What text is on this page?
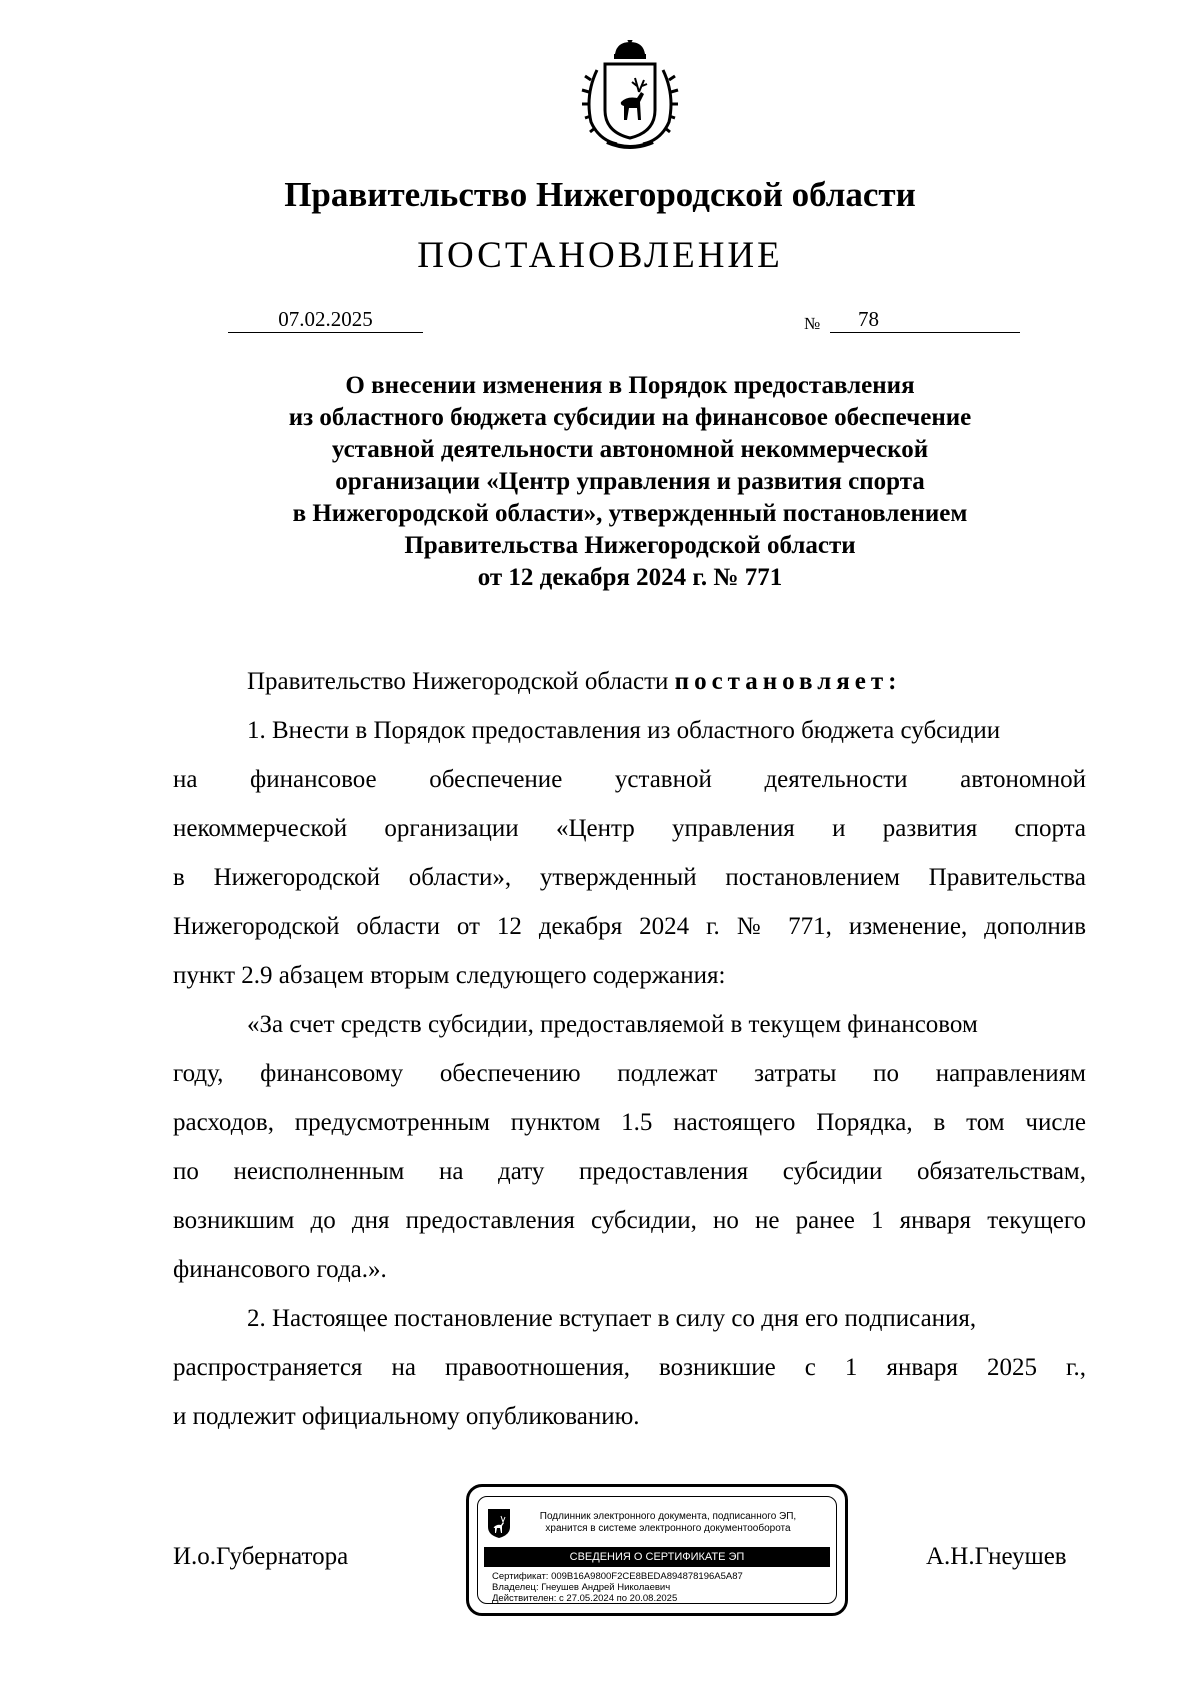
Правительство Нижегородской области
ПОСТАНОВЛЕНИЕ
07.02.2025	№	78
О внесении изменения в Порядок предоставления
из областного бюджета субсидии на финансовое обеспечение
уставной деятельности автономной некоммерческой
организации «Центр управления и развития спорта
в Нижегородской области», утвержденный постановлением
Правительства Нижегородской области
от 12 декабря 2024 г. № 771
Правительство Нижегородской области постановляет:
1. Внести в Порядок предоставления из областного бюджета субсидии
на финансовое обеспечение уставной деятельности автономной
некоммерческой организации «Центр управления и развития спорта
в Нижегородской области», утвержденный постановлением Правительства
Нижегородской области от 12 декабря 2024 г. № 771, изменение, дополнив
пункт 2.9 абзацем вторым следующего содержания:
«За счет средств субсидии, предоставляемой в текущем финансовом
году, финансовому обеспечению подлежат затраты по направлениям
расходов, предусмотренным пунктом 1.5 настоящего Порядка, в том числе
по неисполненным на дату предоставления субсидии обязательствам,
возникшим до дня предоставления субсидии, но не ранее 1 января текущего
финансового года.».
2. Настоящее постановление вступает в силу со дня его подписания,
распространяется на правоотношения, возникшие с 1 января 2025 г.,
и подлежит официальному опубликованию.
И.о.Губернатора	А.Н.Гнеушев
Подлинник электронного документа, подписанного ЭП,
хранится в системе электронного документооборота
СВЕДЕНИЯ О СЕРТИФИКАТЕ ЭП
Сертификат: 009B16A9800F2CE8BEDA894878196A5A87
Владелец: Гнеушев Андрей Николаевич
Действителен: с 27.05.2024 по 20.08.2025
